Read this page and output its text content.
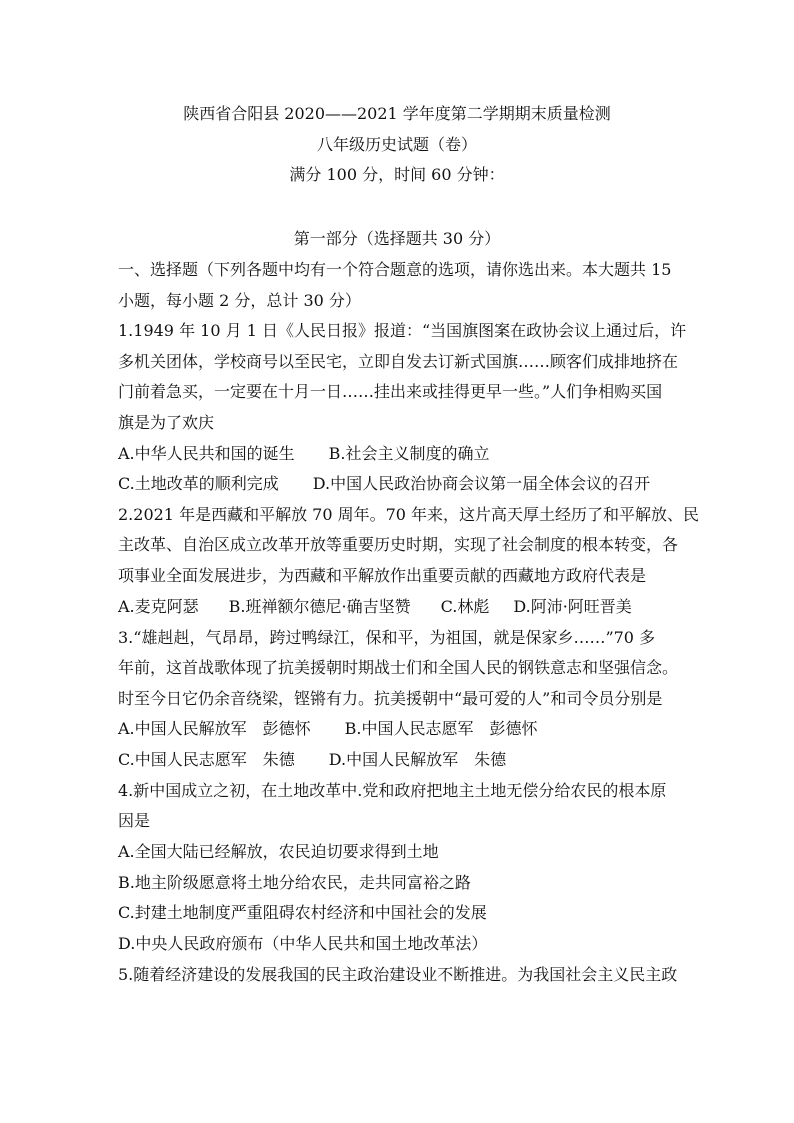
陕西省合阳县 2020——2021 学年度第二学期期末质量检测
八年级历史试题（卷）
满分 100 分，时间 60 分钟：
第一部分（选择题共 30 分）
一、选择题（下列各题中均有一个符合题意的选项，请你选出来。本大题共 15
小题，每小题 2 分，总计 30 分）
1.1949 年 10 月 1 日《人民日报》报道：“当国旗图案在政协会议上通过后，许
多机关团体，学校商号以至民宅，立即自发去订新式国旗……顾客们成排地挤在
门前着急买，一定要在十月一日……挂出来或挂得更早一些。”人们争相购买国
旗是为了欢庆
A.中华人民共和国的诞生 B.社会主义制度的确立
C.土地改革的顺利完成 D.中国人民政治协商会议第一届全体会议的召开
2.2021 年是西藏和平解放 70 周年。70 年来，这片高天厚土经历了和平解放、民
主改革、自治区成立改革开放等重要历史时期，实现了社会制度的根本转变，各
项事业全面发展进步，为西藏和平解放作出重要贡献的西藏地方政府代表是
A.麦克阿瑟 B.班禅额尔德尼·确吉坚赞 C.林彪 D.阿沛·阿旺晋美
3.“雄赳赳，气昂昂，跨过鸭绿江，保和平，为祖国，就是保家乡……”70 多
年前，这首战歌体现了抗美援朝时期战士们和全国人民的钢铁意志和坚强信念。
时至今日它仍余音绕梁，铿锵有力。抗美援朝中“最可爱的人”和司令员分别是
A.中国人民解放军　彭德怀 B.中国人民志愿军　彭德怀
C.中国人民志愿军　朱德 D.中国人民解放军　朱德
4.新中国成立之初，在土地改革中.党和政府把地主土地无偿分给农民的根本原
因是
A.全国大陆已经解放，农民迫切要求得到土地
B.地主阶级愿意将土地分给农民，走共同富裕之路
C.封建土地制度严重阻碍农村经济和中国社会的发展
D.中央人民政府颁布（中华人民共和国土地改革法）
5.随着经济建设的发展我国的民主政治建设业不断推进。为我国社会主义民主政
